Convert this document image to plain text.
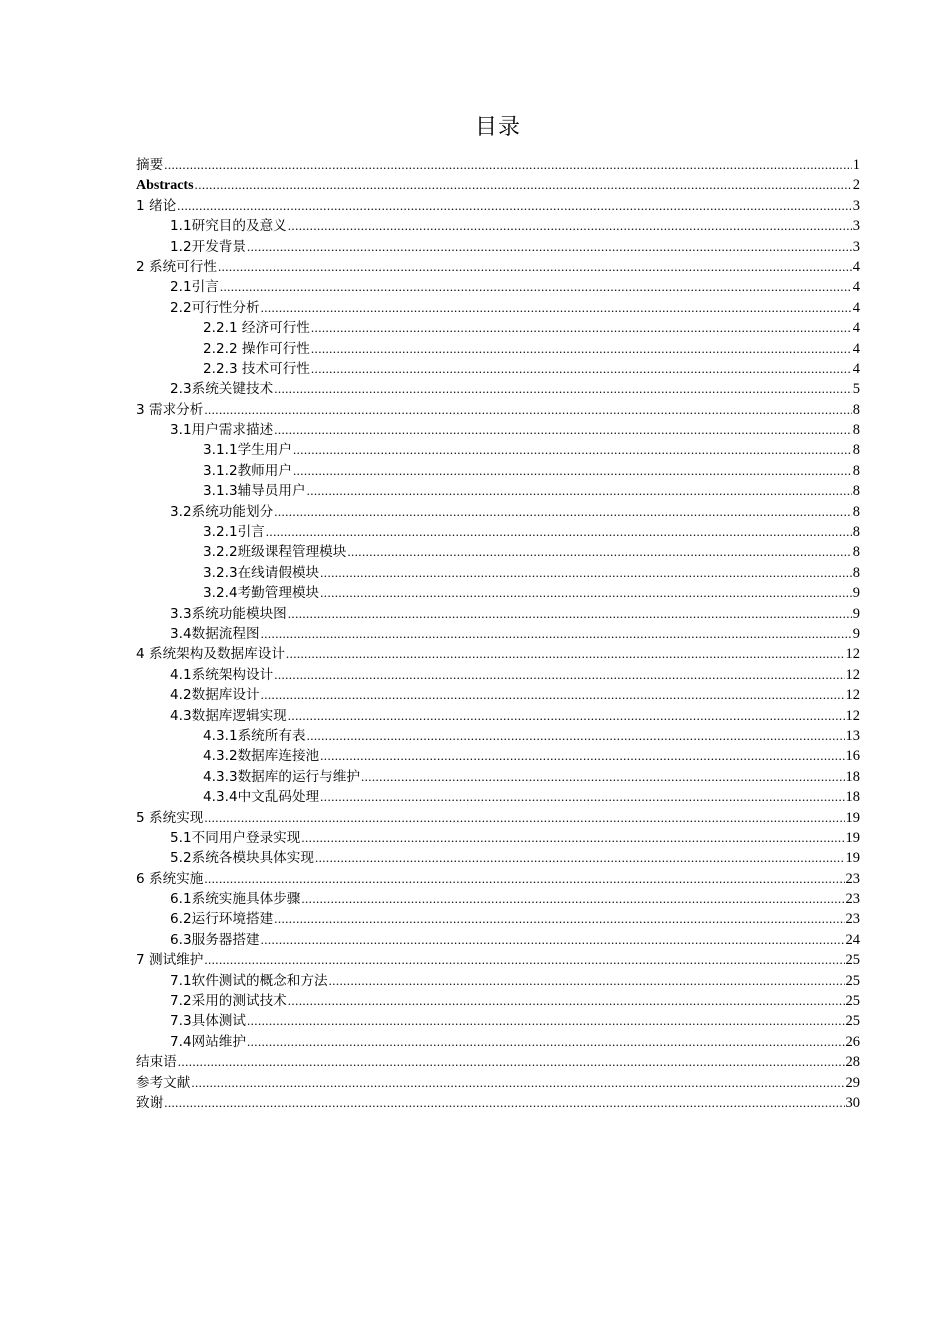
目录
摘要 .....	1
Abstracts .....	2
1 绪论 .....	3
1.1研究目的及意义 .....	3
1.2开发背景 .....	3
2 系统可行性 .....	4
2.1引言 .....	4
2.2可行性分析 .....	4
2.2.1 经济可行性 .....	4
2.2.2 操作可行性 .....	4
2.2.3 技术可行性 .....	4
2.3系统关键技术 .....	5
3 需求分析 .....	8
3.1用户需求描述 .....	8
3.1.1学生用户 .....	8
3.1.2教师用户 .....	8
3.1.3辅导员用户 .....	8
3.2系统功能划分 .....	8
3.2.1引言 .....	8
3.2.2班级课程管理模块 .....	8
3.2.3在线请假模块 .....	8
3.2.4考勤管理模块 .....	9
3.3系统功能模块图 .....	9
3.4数据流程图 .....	9
4 系统架构及数据库设计 .....	12
4.1系统架构设计 .....	12
4.2数据库设计 .....	12
4.3数据库逻辑实现 .....	12
4.3.1系统所有表 .....	13
4.3.2数据库连接池 .....	16
4.3.3数据库的运行与维护 .....	18
4.3.4中文乱码处理 .....	18
5 系统实现 .....	19
5.1不同用户登录实现 .....	19
5.2系统各模块具体实现 .....	19
6 系统实施 .....	23
6.1系统实施具体步骤 .....	23
6.2运行环境搭建 .....	23
6.3服务器搭建 .....	24
7 测试维护 .....	25
7.1软件测试的概念和方法 .....	25
7.2采用的测试技术 .....	25
7.3具体测试 .....	25
7.4网站维护 .....	26
结束语 .....	28
参考文献 .....	29
致谢 .....	30
